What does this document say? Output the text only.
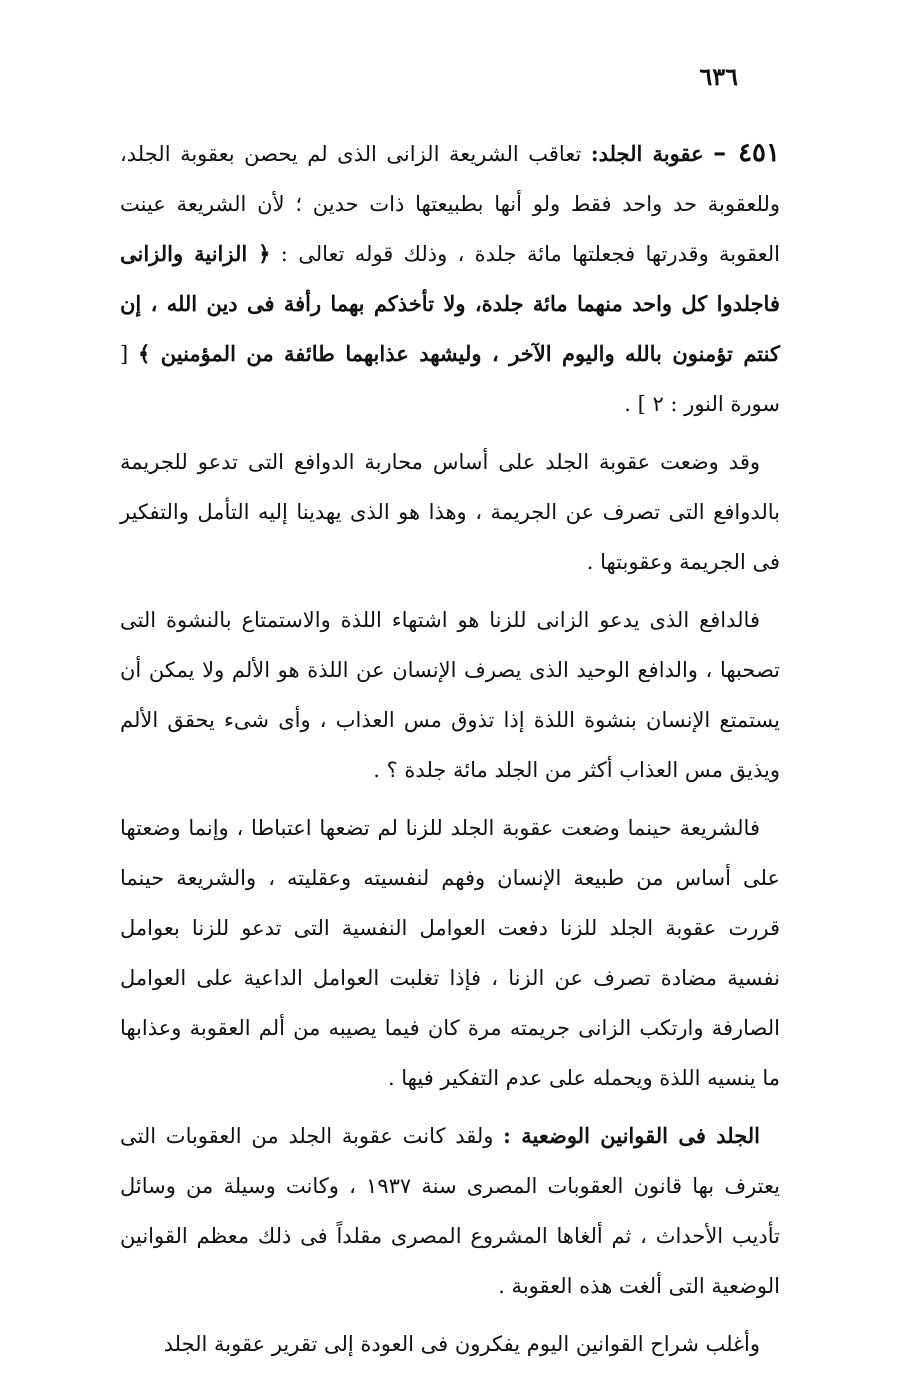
٦٣٦

٤٥١ – عقوبة الجلد: تعاقب الشريعة الزانى الذى لم يحصن بعقوبة الجلد، وللعقوبة حد واحد فقط ولو أنها بطبيعتها ذات حدين ؛ لأن الشريعة عينت العقوبة وقدرتها فجعلتها مائة جلدة ، وذلك قوله تعالى : ﴿ الزانية والزانى فاجلدوا كل واحد منهما مائة جلدة، ولا تأخذكم بهما رأفة فى دين الله ، إن كنتم تؤمنون بالله واليوم الآخر ، وليشهد عذابهما طائفة من المؤمنين ﴾ [ سورة النور : ٢ ] .

وقد وضعت عقوبة الجلد على أساس محاربة الدوافع التى تدعو للجريمة بالدوافع التى تصرف عن الجريمة ، وهذا هو الذى يهدينا إليه التأمل والتفكير فى الجريمة وعقوبتها .

فالدافع الذى يدعو الزانى للزنا هو اشتهاء اللذة والاستمتاع بالنشوة التى تصحبها ، والدافع الوحيد الذى يصرف الإنسان عن اللذة هو الألم ولا يمكن أن يستمتع الإنسان بنشوة اللذة إذا تذوق مس العذاب ، وأى شىء يحقق الألم ويذيق مس العذاب أكثر من الجلد مائة جلدة ؟ .

فالشريعة حينما وضعت عقوبة الجلد للزنا لم تضعها اعتباطا ، وإنما وضعتها على أساس من طبيعة الإنسان وفهم لنفسيته وعقليته ، والشريعة حينما قررت عقوبة الجلد للزنا دفعت العوامل النفسية التى تدعو للزنا بعوامل نفسية مضادة تصرف عن الزنا ، فإذا تغلبت العوامل الداعية على العوامل الصارفة وارتكب الزانى جريمته مرة كان فيما يصيبه من ألم العقوبة وعذابها ما ينسيه اللذة ويحمله على عدم التفكير فيها .

الجلد فى القوانين الوضعية : ولقد كانت عقوبة الجلد من العقوبات التى يعترف بها قانون العقوبات المصرى سنة ١٩٣٧ ، وكانت وسيلة من وسائل تأديب الأحداث ، ثم ألغاها المشروع المصرى مقلداً فى ذلك معظم القوانين الوضعية التى ألغت هذه العقوبة .

وأغلب شراح القوانين اليوم يفكرون فى العودة إلى تقرير عقوبة الجلد
